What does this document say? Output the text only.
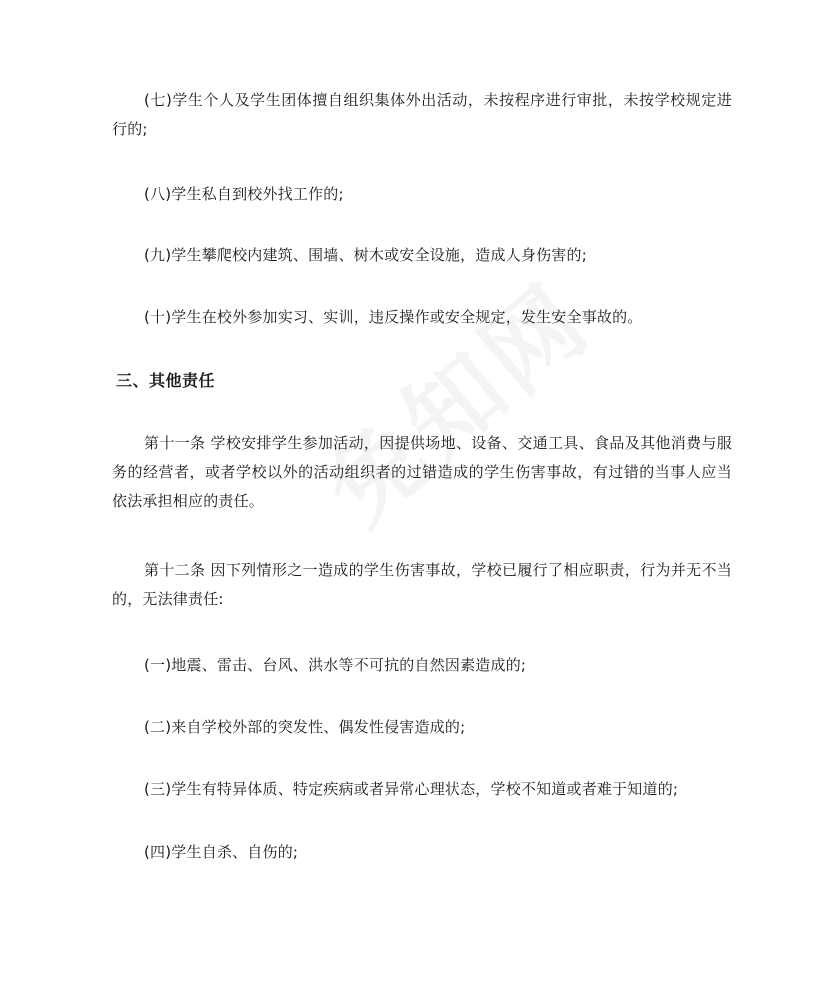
(七)学生个人及学生团体擅自组织集体外出活动，未按程序进行审批，未按学校规定进行的;

(八)学生私自到校外找工作的;

(九)学生攀爬校内建筑、围墙、树木或安全设施，造成人身伤害的;

(十)学生在校外参加实习、实训，违反操作或安全规定，发生安全事故的。

三、其他责任

第十一条 学校安排学生参加活动，因提供场地、设备、交通工具、食品及其他消费与服务的经营者，或者学校以外的活动组织者的过错造成的学生伤害事故，有过错的当事人应当依法承担相应的责任。

第十二条 因下列情形之一造成的学生伤害事故，学校已履行了相应职责，行为并无不当的，无法律责任:

(一)地震、雷击、台风、洪水等不可抗的自然因素造成的;

(二)来自学校外部的突发性、偶发性侵害造成的;

(三)学生有特异体质、特定疾病或者异常心理状态，学校不知道或者难于知道的;

(四)学生自杀、自伤的;
